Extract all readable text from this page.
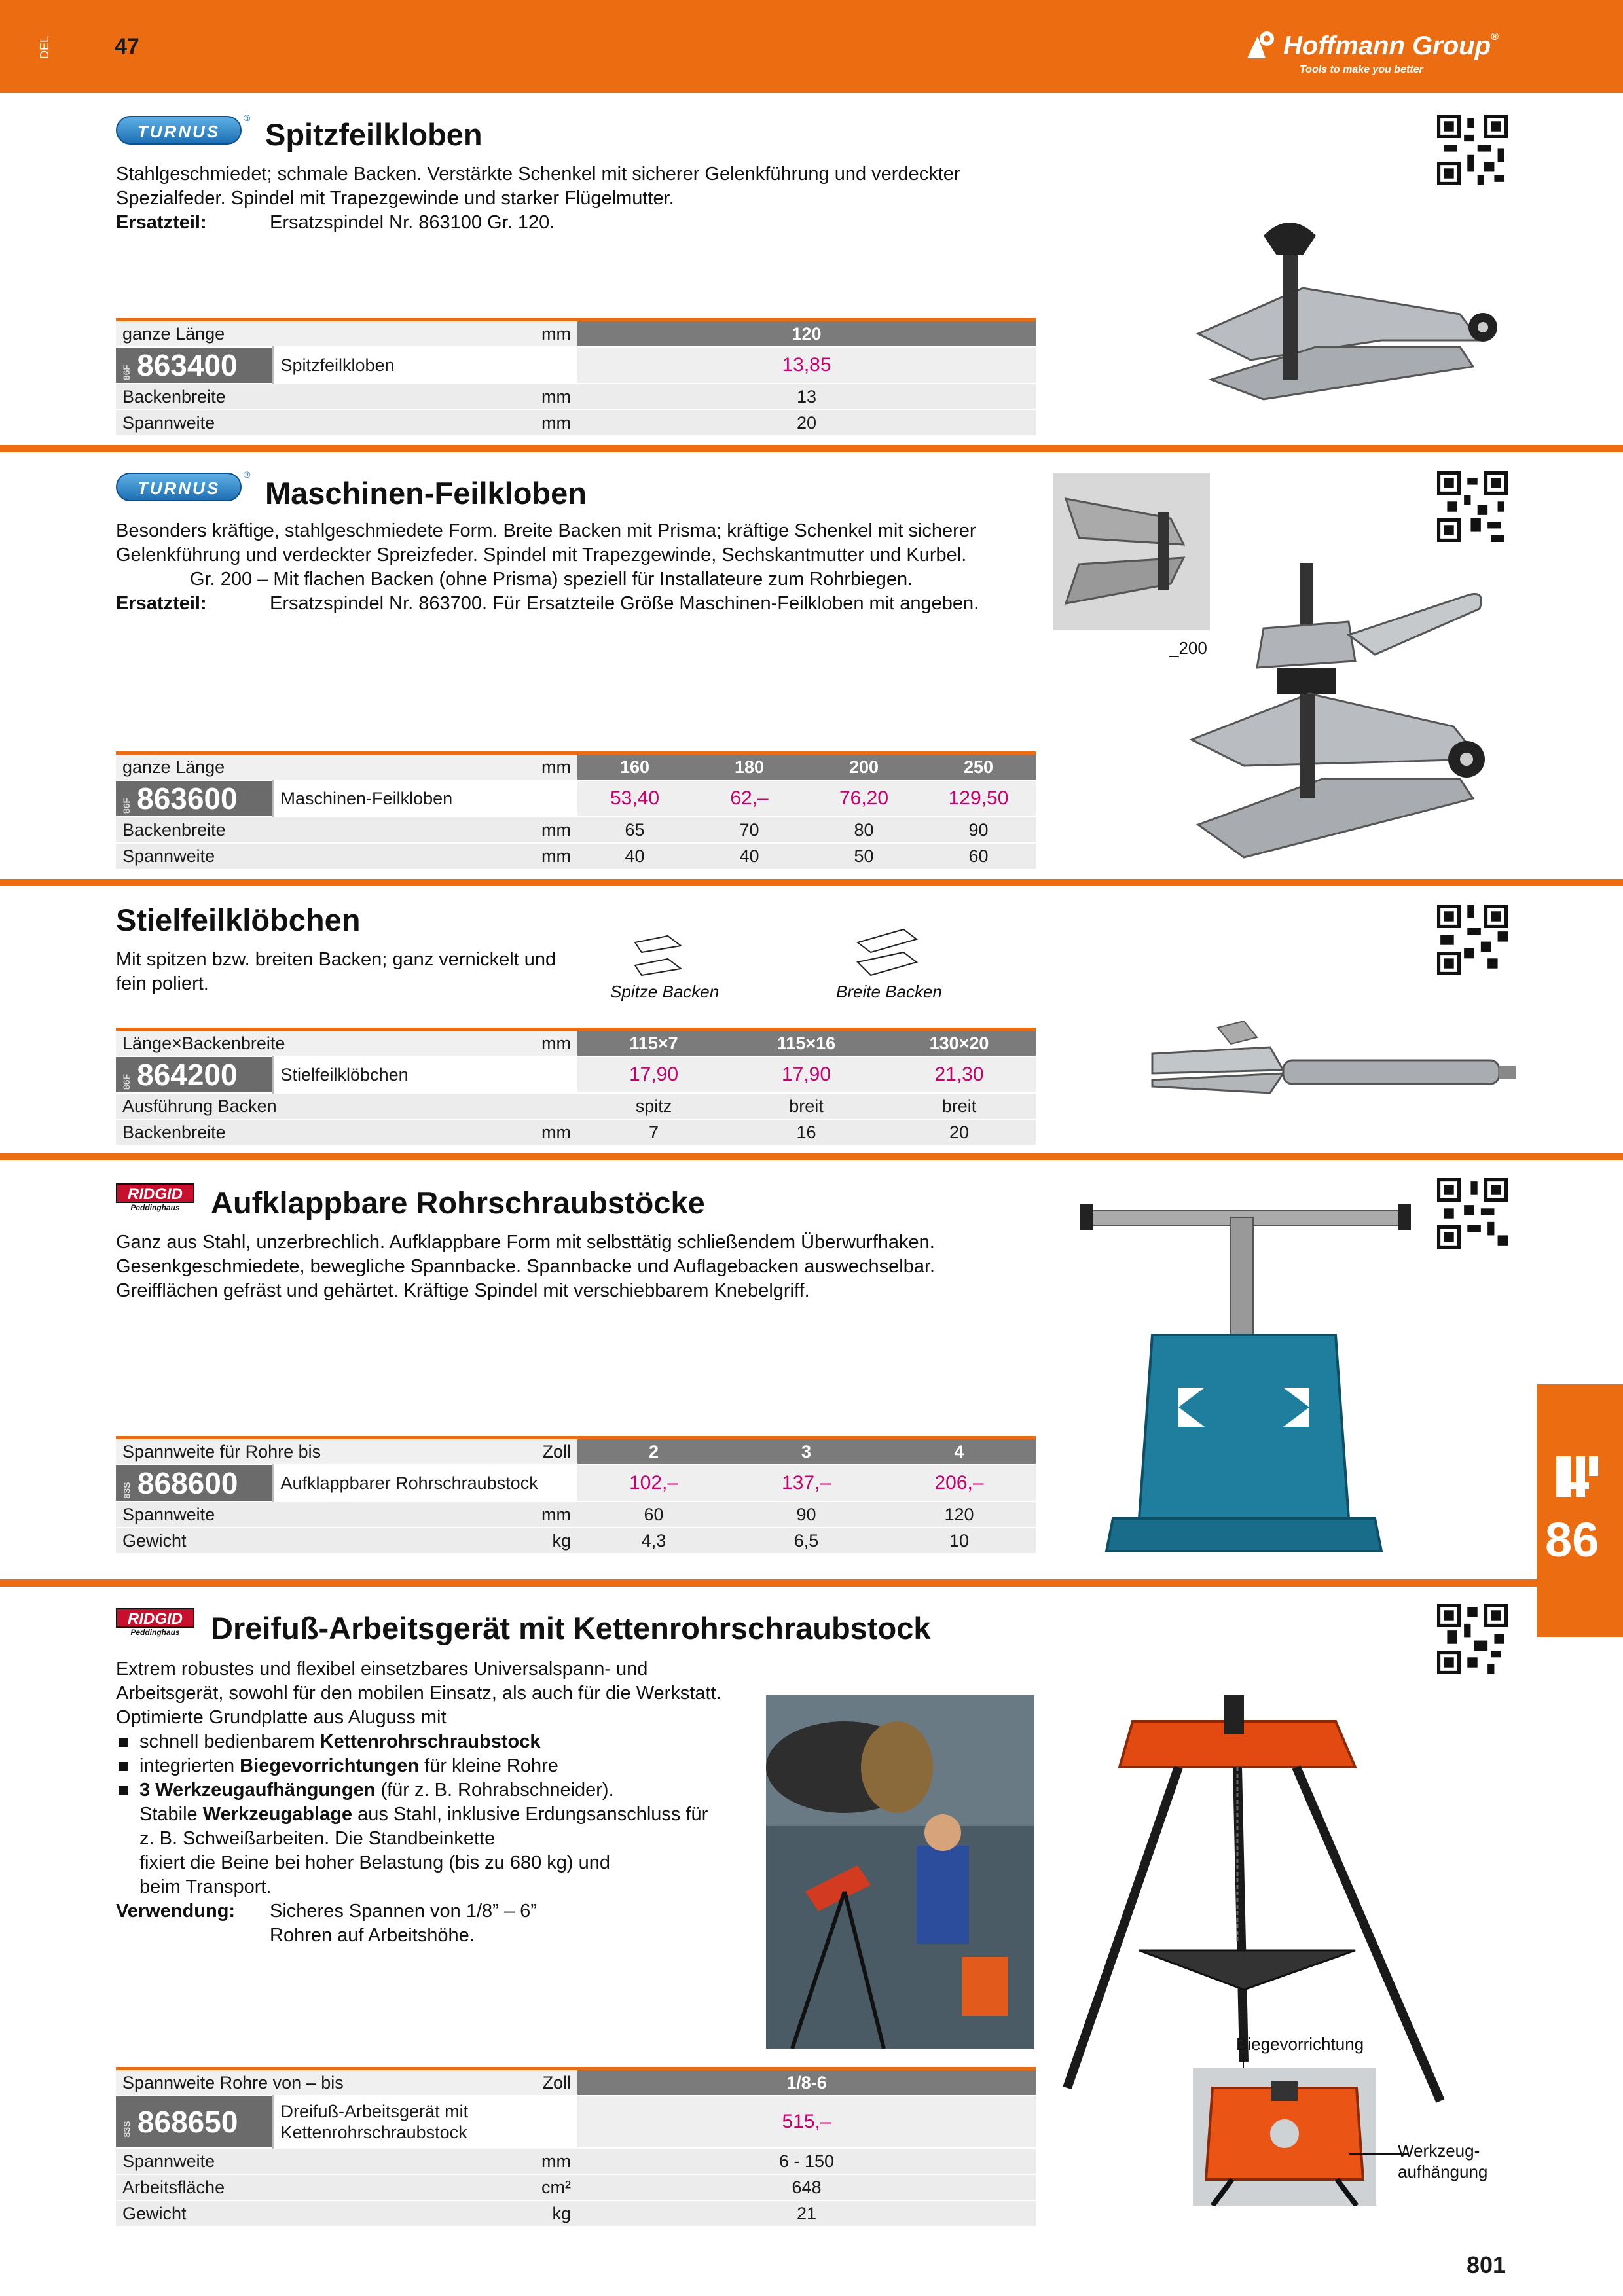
DEL	47	Hoffmann Group®
Tools to make you better
TURNUS
® Spitzfeilkloben
Stahlgeschmiedet; schmale Backen. Verstärkte Schenkel mit sicherer Gelenkführung und verdeckter
Spezialfeder. Spindel mit Trapezgewinde und starker Flügelmutter.
Ersatzteil:	Ersatzspindel Nr. 863100 Gr. 120.
ganze Länge mm		120
86F 863400	Spitzfeilkloben	13,85
Backenbreite mm		13
Spannweite mm		20
TURNUS
®
Maschinen-Feilkloben
Besonders kräftige, stahlgeschmiedete Form. Breite Backen mit Prisma; kräftige Schenkel mit sicherer
Gelenkführung und verdeckter Spreizfeder. Spindel mit Trapezgewinde, Sechskantmutter und Kurbel.
Gr. 200 – Mit flachen Backen (ohne Prisma) speziell für Installateure zum Rohrbiegen.
Ersatzteil:	Ersatzspindel Nr. 863700. Für Ersatzteile Größe Maschinen-Feilkloben mit angeben.
_200
ganze Länge mm		160	180	200	250
86F 863600	Maschinen-Feilkloben	53,40	62,–	76,20	129,50
Backenbreite mm		65	70	80	90
Spannweite mm		40	40	50	60
Stielfeilklöbchen
Mit spitzen bzw. breiten Backen; ganz vernickelt und
fein poliert.	Spitze Backen	Breite Backen
Länge×Backenbreite mm		115×7	115×16	130×20
86F 864200	Stielfeilklöbchen	17,90	17,90	21,30
Ausführung Backen		spitz	breit	breit
Backenbreite mm		7	16	20
RIDGID
Peddinghaus	Aufklappbare Rohrschraubstöcke
Ganz aus Stahl, unzerbrechlich. Aufklappbare Form mit selbsttätig schließendem Überwurfhaken.
Gesenkgeschmiedete, bewegliche Spannbacke. Spannbacke und Auflagebacken auswechselbar.
Greifflächen gefräst und gehärtet. Kräftige Spindel mit verschiebbarem Knebelgriff.
Spannweite für Rohre bis Zoll		2	3	4
83S 868600	Aufklappbarer Rohrschraubstock	102,–	137,–	206,–
Spannweite mm		60	90	120
Gewicht kg		4,3	6,5	10	86
RIDGID
Peddinghaus	Dreifuß-Arbeitsgerät mit Kettenrohrschraubstock
Extrem robustes und flexibel einsetzbares Universalspann- und
Arbeitsgerät, sowohl für den mobilen Einsatz, als auch für die Werkstatt.
Optimierte Grundplatte aus Aluguss mit
schnell bedienbarem Kettenrohrschraubstock
integrierten Biegevorrichtungen für kleine Rohre
3 Werkzeugaufhängungen (für z. B. Rohrabschneider).
Stabile Werkzeugablage aus Stahl, inklusive Erdungsanschluss für
z. B. Schweißarbeiten. Die Standbeinkette
fixiert die Beine bei hoher Belastung (bis zu 680 kg) und
beim Transport.
Verwendung:	Sicheres Spannen von 1/8” – 6”
Rohren auf Arbeitshöhe.
Biegevorrichtung
Werkzeug-
aufhängung
Spannweite Rohre von – bis Zoll		1/8-6
83S 868650	Dreifuß-Arbeitsgerät mit
Kettenrohrschraubstock	515,–
Spannweite mm		6 - 150
Arbeitsfläche cm²		648
Gewicht kg		21
801
